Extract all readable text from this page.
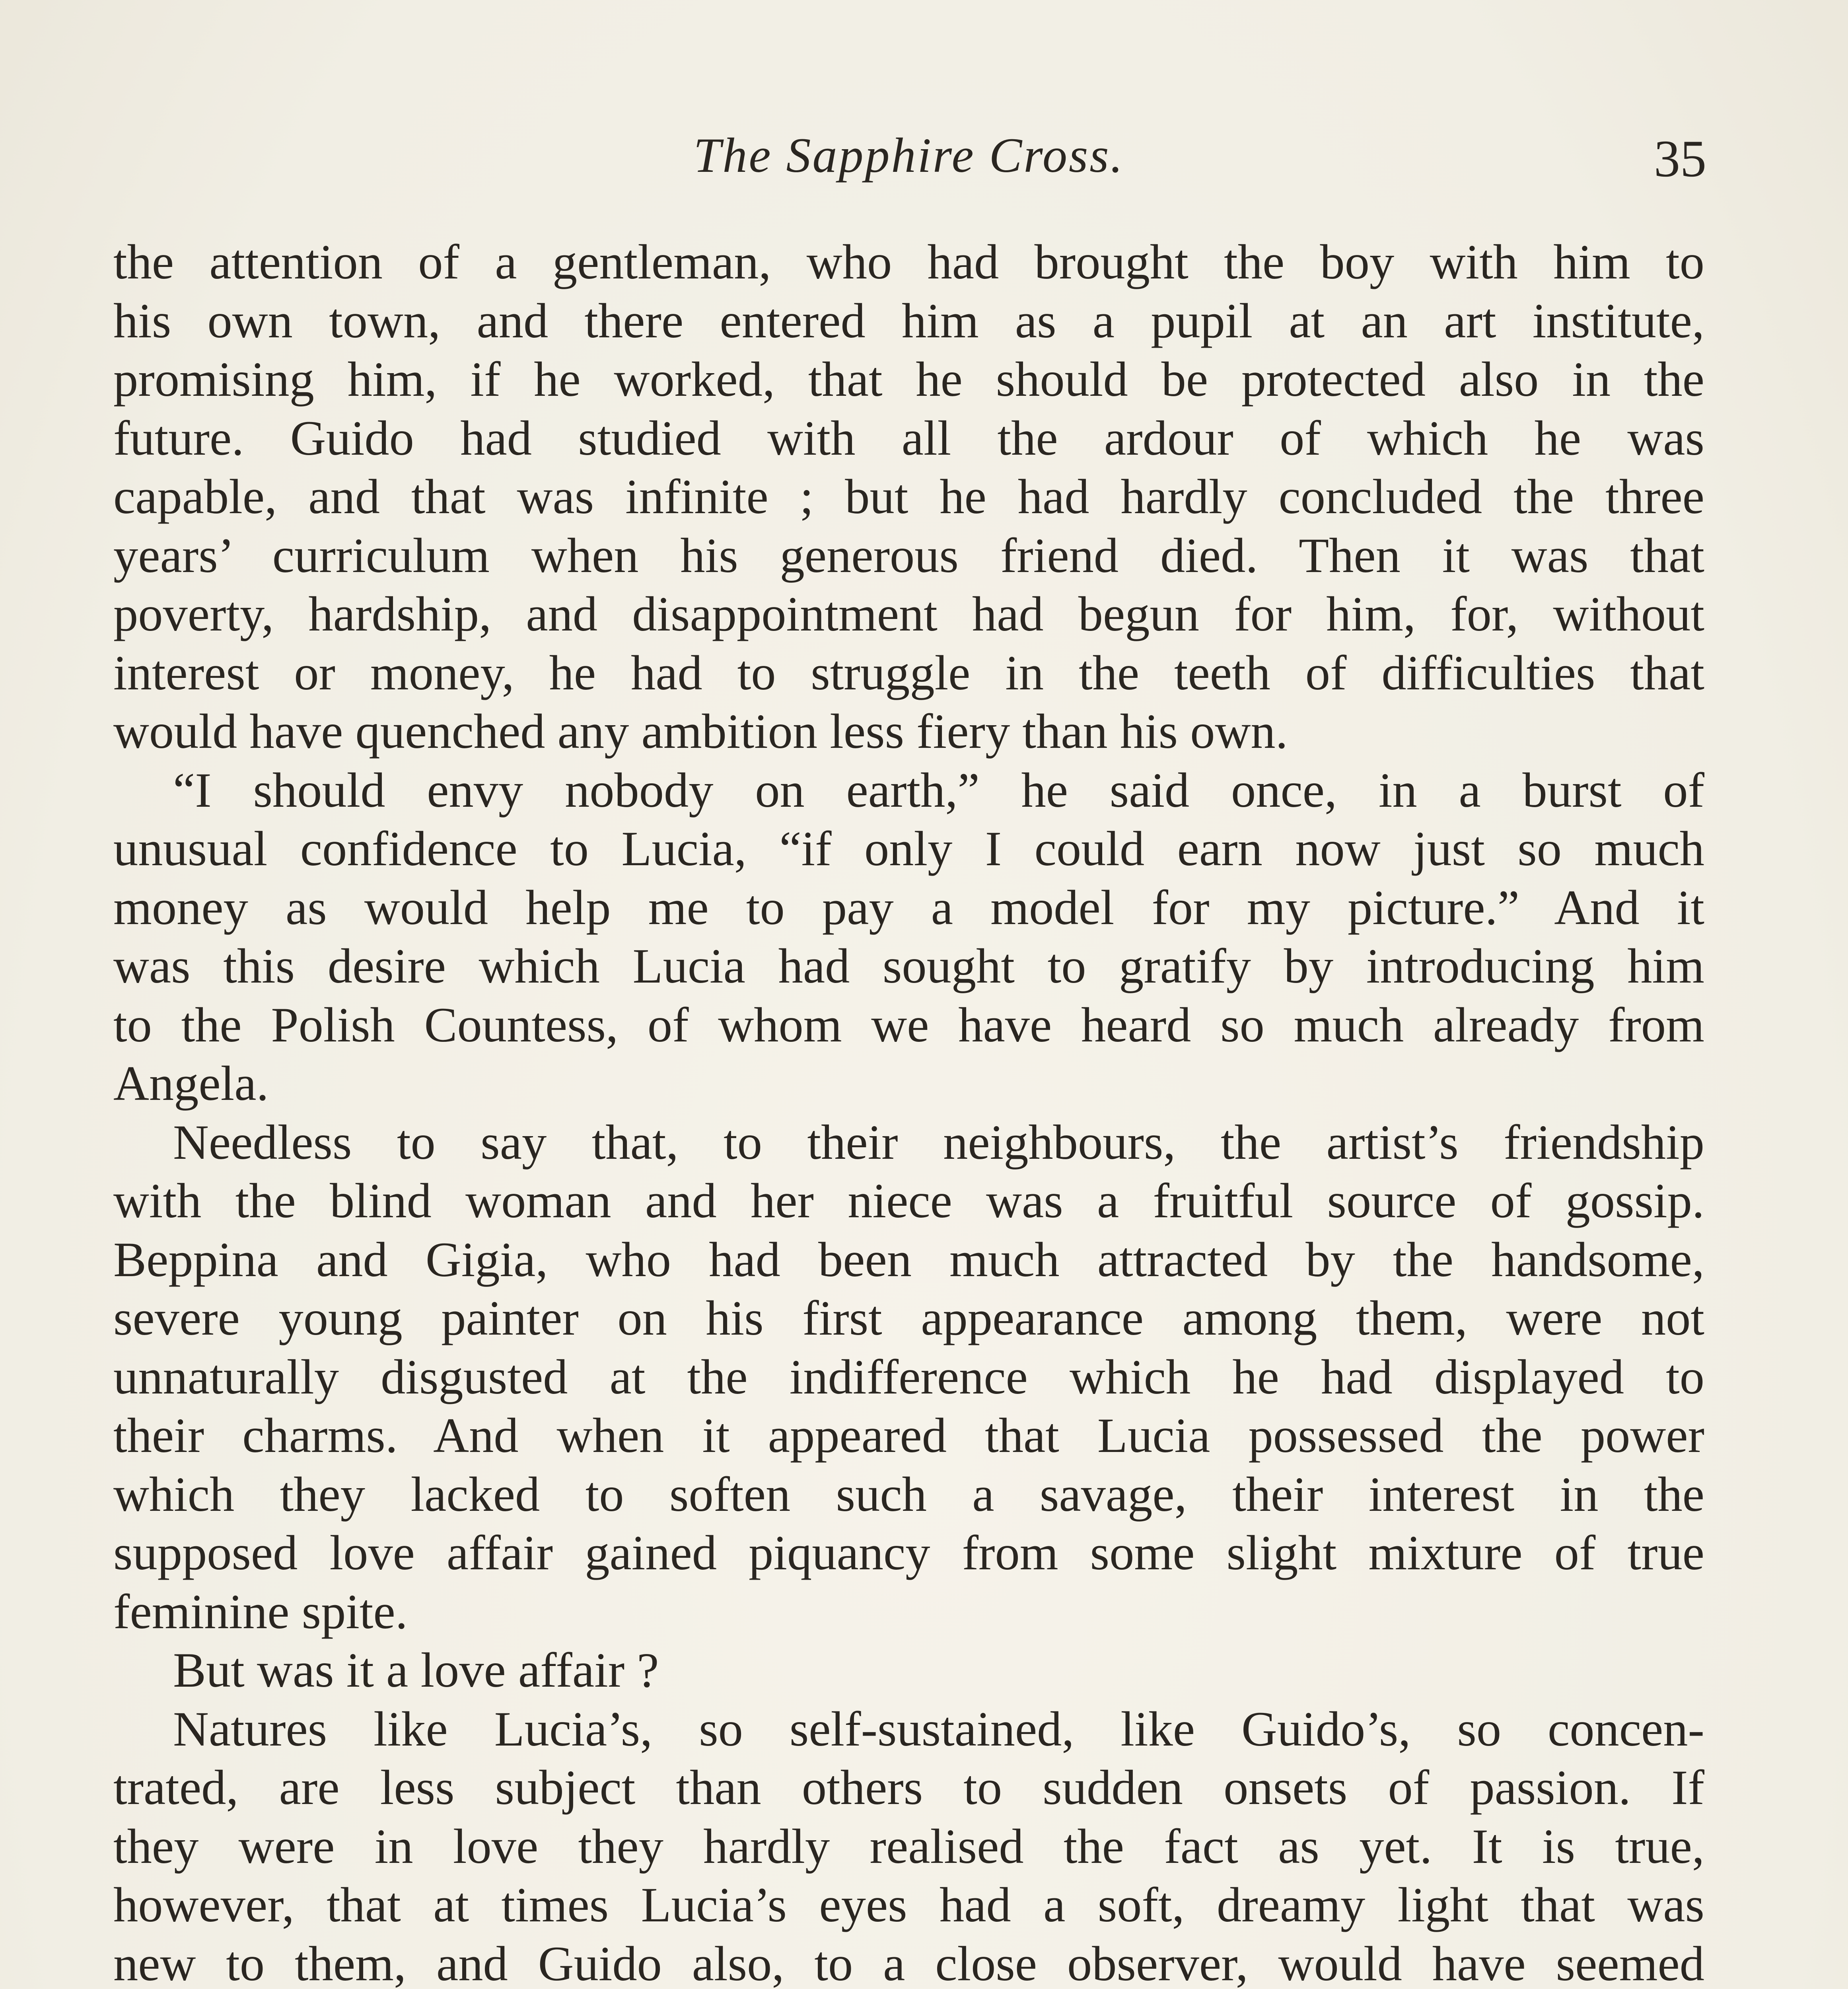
The Sapphire Cross.	35
the attention of a gentleman, who had brought the boy with him to
his own town, and there entered him as a pupil at an art institute,
promising him, if he worked, that he should be protected also in the
future. Guido had studied with all the ardour of which he was
capable, and that was infinite ; but he had hardly concluded the three
years’ curriculum when his generous friend died. Then it was that
poverty, hardship, and disappointment had begun for him, for, without
interest or money, he had to struggle in the teeth of difficulties that
would have quenched any ambition less fiery than his own.
“I should envy nobody on earth,” he said once, in a burst of
unusual confidence to Lucia, “if only I could earn now just so much
money as would help me to pay a model for my picture.” And it
was this desire which Lucia had sought to gratify by introducing him
to the Polish Countess, of whom we have heard so much already from
Angela.
Needless to say that, to their neighbours, the artist’s friendship
with the blind woman and her niece was a fruitful source of gossip.
Beppina and Gigia, who had been much attracted by the handsome,
severe young painter on his first appearance among them, were not
unnaturally disgusted at the indifference which he had displayed to
their charms. And when it appeared that Lucia possessed the power
which they lacked to soften such a savage, their interest in the
supposed love affair gained piquancy from some slight mixture of true
feminine spite.
But was it a love affair ?
Natures like Lucia’s, so self-sustained, like Guido’s, so concen-
trated, are less subject than others to sudden onsets of passion. If
they were in love they hardly realised the fact as yet. It is true,
however, that at times Lucia’s eyes had a soft, dreamy light that was
new to them, and Guido also, to a close observer, would have seemed
